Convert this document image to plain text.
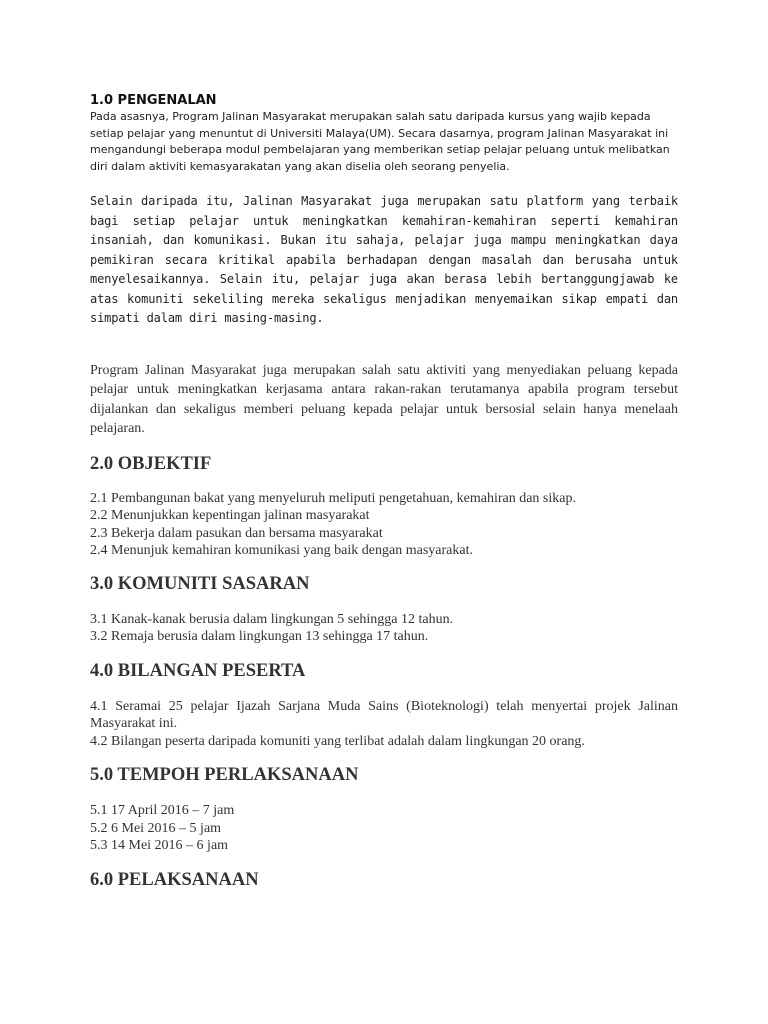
1.0 PENGENALAN

Pada asasnya, Program Jalinan Masyarakat merupakan salah satu daripada kursus yang wajib kepada setiap pelajar yang menuntut di Universiti Malaya(UM). Secara dasarnya, program Jalinan Masyarakat ini mengandungi beberapa modul pembelajaran yang memberikan setiap pelajar peluang untuk melibatkan diri dalam aktiviti kemasyarakatan yang akan diselia oleh seorang penyelia.

Selain daripada itu, Jalinan Masyarakat juga merupakan satu platform yang terbaik bagi setiap pelajar untuk meningkatkan kemahiran-kemahiran seperti kemahiran insaniah, dan komunikasi. Bukan itu sahaja, pelajar juga mampu meningkatkan daya pemikiran secara kritikal apabila berhadapan dengan masalah dan berusaha untuk menyelesaikannya. Selain itu, pelajar juga akan berasa lebih bertanggungjawab ke atas komuniti sekeliling mereka sekaligus menjadikan menyemaikan sikap empati dan simpati dalam diri masing-masing.

Program Jalinan Masyarakat juga merupakan salah satu aktiviti yang menyediakan peluang kepada pelajar untuk meningkatkan kerjasama antara rakan-rakan terutamanya apabila program tersebut dijalankan dan sekaligus memberi peluang kepada pelajar untuk bersosial selain hanya menelaah pelajaran.

2.0 OBJEKTIF
2.1 Pembangunan bakat yang menyeluruh meliputi pengetahuan, kemahiran dan sikap.
2.2 Menunjukkan kepentingan jalinan masyarakat
2.3 Bekerja dalam pasukan dan bersama masyarakat
2.4 Menunjuk kemahiran komunikasi yang baik dengan masyarakat.
3.0 KOMUNITI SASARAN
3.1 Kanak-kanak berusia dalam lingkungan 5 sehingga 12 tahun.
3.2 Remaja berusia dalam lingkungan 13 sehingga 17 tahun.
4.0 BILANGAN PESERTA
4.1 Seramai 25 pelajar Ijazah Sarjana Muda Sains (Bioteknologi) telah menyertai projek Jalinan Masyarakat ini.
4.2 Bilangan peserta daripada komuniti yang terlibat adalah dalam lingkungan 20 orang.
5.0 TEMPOH PERLAKSANAAN
5.1 17 April 2016 – 7 jam
5.2 6 Mei 2016 – 5 jam
5.3 14 Mei 2016 – 6 jam
6.0 PELAKSANAAN
